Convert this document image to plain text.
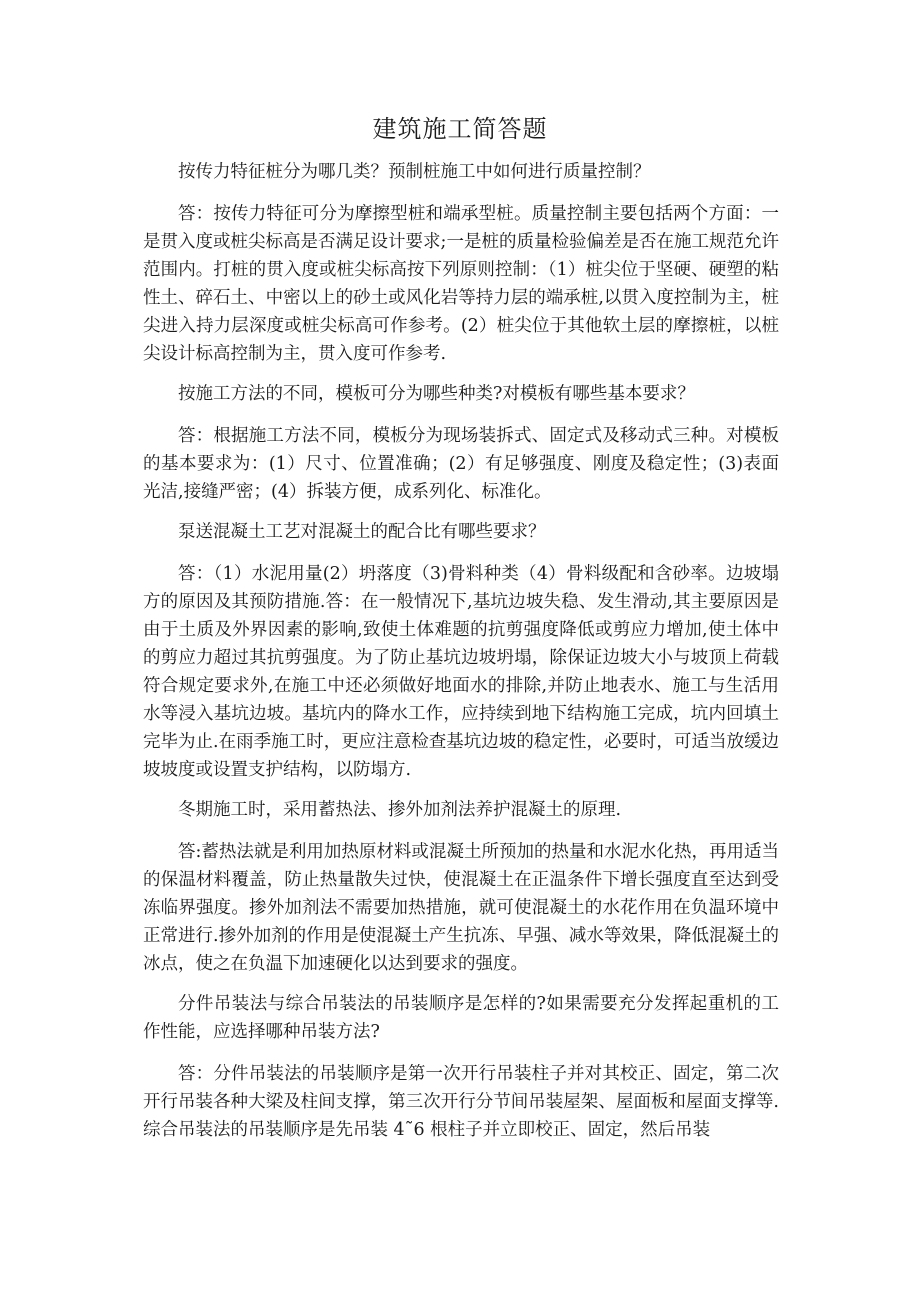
建筑施工简答题

按传力特征桩分为哪几类？预制桩施工中如何进行质量控制？

答：按传力特征可分为摩擦型桩和端承型桩。质量控制主要包括两个方面：一是贯入度或桩尖标高是否满足设计要求;一是桩的质量检验偏差是否在施工规范允许范围内。打桩的贯入度或桩尖标高按下列原则控制：（1）桩尖位于坚硬、硬塑的粘性土、碎石土、中密以上的砂土或风化岩等持力层的端承桩,以贯入度控制为主，桩尖进入持力层深度或桩尖标高可作参考。(2）桩尖位于其他软土层的摩擦桩，以桩尖设计标高控制为主，贯入度可作参考.

按施工方法的不同，模板可分为哪些种类?对模板有哪些基本要求？

答：根据施工方法不同，模板分为现场装拆式、固定式及移动式三种。对模板的基本要求为：(1）尺寸、位置准确；(2）有足够强度、刚度及稳定性；(3)表面光洁,接缝严密；(4）拆装方便，成系列化、标准化。

泵送混凝土工艺对混凝土的配合比有哪些要求？

答：（1）水泥用量(2）坍落度（3)骨料种类（4）骨料级配和含砂率。边坡塌方的原因及其预防措施.答：在一般情况下,基坑边坡失稳、发生滑动,其主要原因是由于土质及外界因素的影响,致使土体难题的抗剪强度降低或剪应力增加,使土体中的剪应力超过其抗剪强度。为了防止基坑边坡坍塌，除保证边坡大小与坡顶上荷载符合规定要求外,在施工中还必须做好地面水的排除,并防止地表水、施工与生活用水等浸入基坑边坡。基坑内的降水工作，应持续到地下结构施工完成，坑内回填土完毕为止.在雨季施工时，更应注意检查基坑边坡的稳定性，必要时，可适当放缓边坡坡度或设置支护结构，以防塌方.

冬期施工时，采用蓄热法、掺外加剂法养护混凝土的原理.

答:蓄热法就是利用加热原材料或混凝土所预加的热量和水泥水化热，再用适当的保温材料覆盖，防止热量散失过快，使混凝土在正温条件下增长强度直至达到受冻临界强度。掺外加剂法不需要加热措施，就可使混凝土的水花作用在负温环境中正常进行.掺外加剂的作用是使混凝土产生抗冻、早强、减水等效果，降低混凝土的冰点，使之在负温下加速硬化以达到要求的强度。

分件吊装法与综合吊装法的吊装顺序是怎样的?如果需要充分发挥起重机的工作性能，应选择哪种吊装方法?

答：分件吊装法的吊装顺序是第一次开行吊装柱子并对其校正、固定，第二次开行吊装各种大梁及柱间支撑，第三次开行分节间吊装屋架、屋面板和屋面支撑等.综合吊装法的吊装顺序是先吊装 4˜6 根柱子并立即校正、固定，然后吊装
